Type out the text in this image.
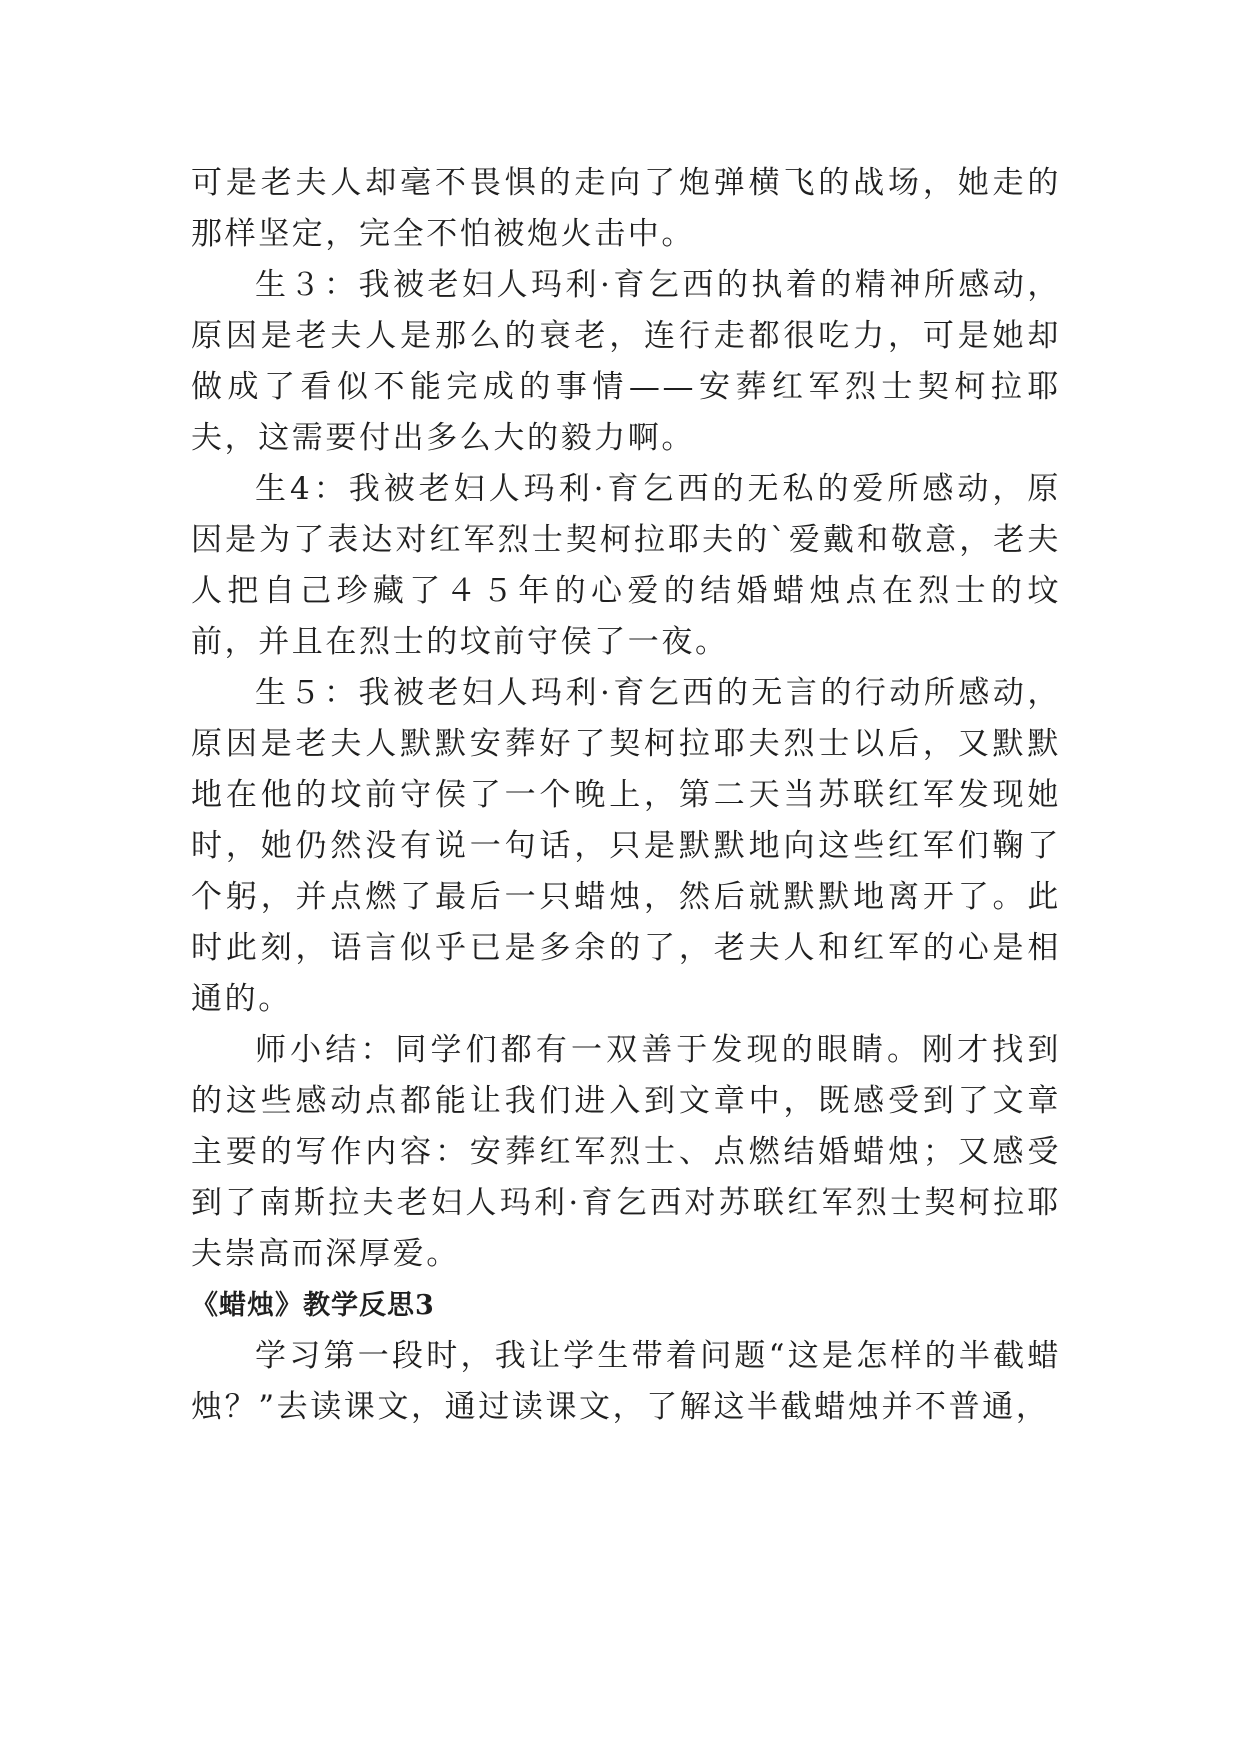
可是老夫人却毫不畏惧的走向了炮弹横飞的战场，她走的那样坚定，完全不怕被炮火击中。

生３：我被老妇人玛利·育乞西的执着的精神所感动，原因是老夫人是那么的衰老，连行走都很吃力，可是她却做成了看似不能完成的事情——安葬红军烈士契柯拉耶夫，这需要付出多么大的毅力啊。

生4：我被老妇人玛利·育乞西的无私的爱所感动，原因是为了表达对红军烈士契柯拉耶夫的`爱戴和敬意，老夫人把自己珍藏了４５年的心爱的结婚蜡烛点在烈士的坟前，并且在烈士的坟前守侯了一夜。

生５：我被老妇人玛利·育乞西的无言的行动所感动，原因是老夫人默默安葬好了契柯拉耶夫烈士以后，又默默地在他的坟前守侯了一个晚上，第二天当苏联红军发现她时，她仍然没有说一句话，只是默默地向这些红军们鞠了个躬，并点燃了最后一只蜡烛，然后就默默地离开了。此时此刻，语言似乎已是多余的了，老夫人和红军的心是相通的。

师小结：同学们都有一双善于发现的眼睛。刚才找到的这些感动点都能让我们进入到文章中，既感受到了文章主要的写作内容：安葬红军烈士、点燃结婚蜡烛；又感受到了南斯拉夫老妇人玛利·育乞西对苏联红军烈士契柯拉耶夫崇高而深厚爱。

《蜡烛》教学反思3

学习第一段时，我让学生带着问题“这是怎样的半截蜡烛？”去读课文，通过读课文，了解这半截蜡烛并不普通，
